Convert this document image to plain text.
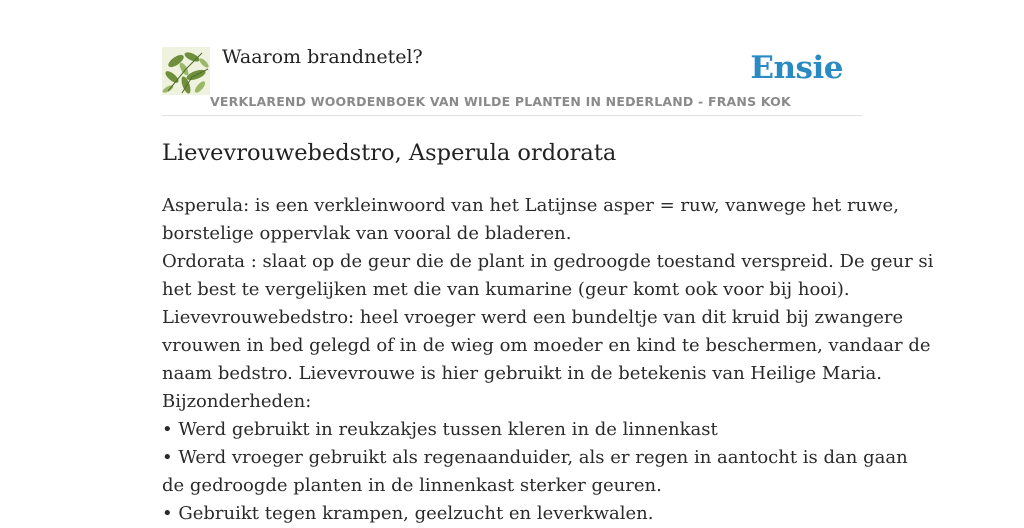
Waarom brandnetel?
VERKLAREND WOORDENBOEK VAN WILDE PLANTEN IN NEDERLAND - FRANS KOK
Ensie
Lievevrouwebedstro, Asperula ordorata

Asperula: is een verkleinwoord van het Latijnse asper = ruw, vanwege het ruwe,

borstelige oppervlak van vooral de bladeren.

Ordorata : slaat op de geur die de plant in gedroogde toestand verspreid. De geur si

het best te vergelijken met die van kumarine (geur komt ook voor bij hooi).

Lievevrouwebedstro: heel vroeger werd een bundeltje van dit kruid bij zwangere

vrouwen in bed gelegd of in de wieg om moeder en kind te beschermen, vandaar de

naam bedstro. Lievevrouwe is hier gebruikt in de betekenis van Heilige Maria.

Bijzonderheden:

• Werd gebruikt in reukzakjes tussen kleren in de linnenkast

• Werd vroeger gebruikt als regenaanduider, als er regen in aantocht is dan gaan

de gedroogde planten in de linnenkast sterker geuren.

• Gebruikt tegen krampen, geelzucht en leverkwalen.
